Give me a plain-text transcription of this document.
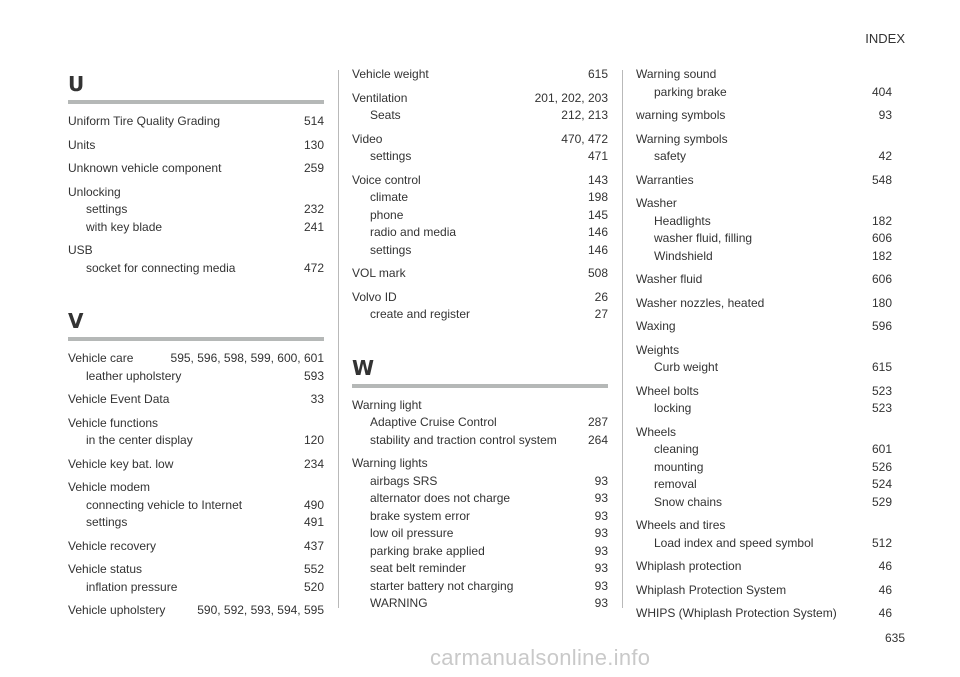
INDEX
U
Uniform Tire Quality Grading	514
Units	130
Unknown vehicle component	259
Unlocking
settings	232
with key blade	241
USB
socket for connecting media	472
V
Vehicle care	595, 596, 598, 599, 600, 601
leather upholstery	593
Vehicle Event Data	33
Vehicle functions
in the center display	120
Vehicle key bat. low	234
Vehicle modem
connecting vehicle to Internet	490
settings	491
Vehicle recovery	437
Vehicle status	552
inflation pressure	520
Vehicle upholstery	590, 592, 593, 594, 595
Vehicle weight	615
Ventilation	201, 202, 203
Seats	212, 213
Video	470, 472
settings	471
Voice control	143
climate	198
phone	145
radio and media	146
settings	146
VOL mark	508
Volvo ID	26
create and register	27
W
Warning light
Adaptive Cruise Control	287
stability and traction control system	264
Warning lights
airbags SRS	93
alternator does not charge	93
brake system error	93
low oil pressure	93
parking brake applied	93
seat belt reminder	93
starter battery not charging	93
WARNING	93
Warning sound
parking brake	404
warning symbols	93
Warning symbols
safety	42
Warranties	548
Washer
Headlights	182
washer fluid, filling	606
Windshield	182
Washer fluid	606
Washer nozzles, heated	180
Waxing	596
Weights
Curb weight	615
Wheel bolts	523
locking	523
Wheels
cleaning	601
mounting	526
removal	524
Snow chains	529
Wheels and tires
Load index and speed symbol	512
Whiplash protection	46
Whiplash Protection System	46
WHIPS (Whiplash Protection System)	46
635
carmanualsonline.info
